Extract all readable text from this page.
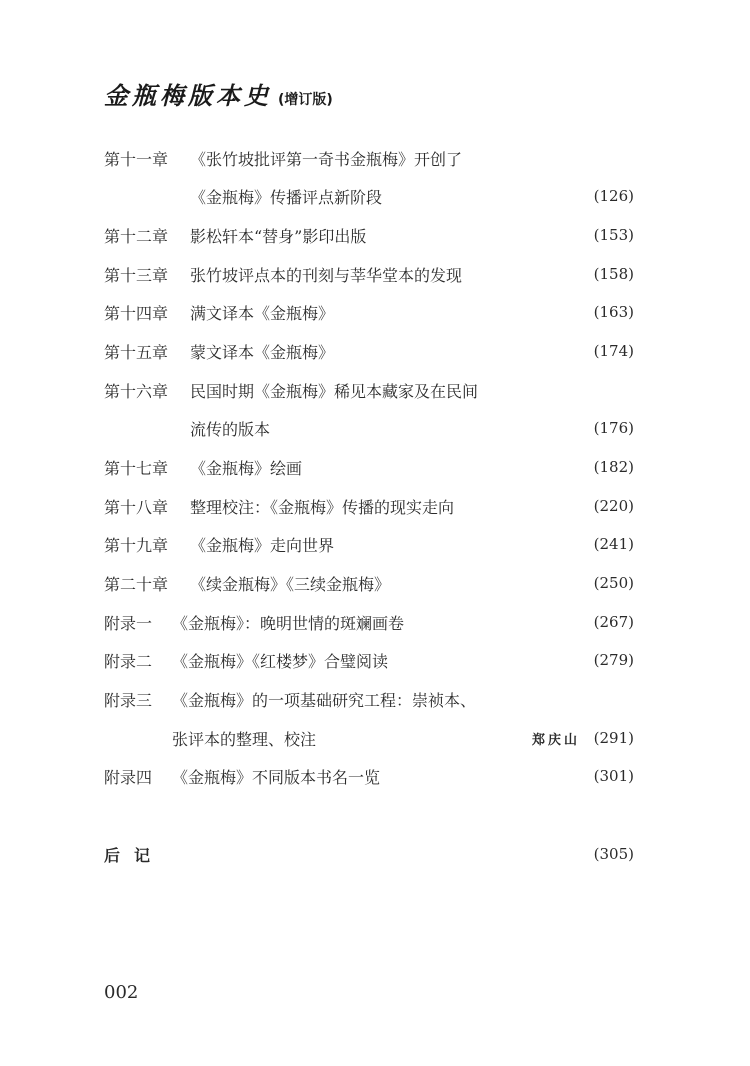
金瓶梅版本史 (增订版)
第十一章	《张竹坡批评第一奇书金瓶梅》开创了
《金瓶梅》传播评点新阶段	(126)
第十二章	影松轩本“替身”影印出版	(153)
第十三章	张竹坡评点本的刊刻与莘华堂本的发现	(158)
第十四章	满文译本《金瓶梅》	(163)
第十五章	蒙文译本《金瓶梅》	(174)
第十六章	民国时期《金瓶梅》稀见本藏家及在民间
流传的版本	(176)
第十七章	《金瓶梅》绘画	(182)
第十八章	整理校注：《金瓶梅》传播的现实走向	(220)
第十九章	《金瓶梅》走向世界	(241)
第二十章	《续金瓶梅》《三续金瓶梅》	(250)
附录一	《金瓶梅》：晚明世情的斑斓画卷	(267)
附录二	《金瓶梅》《红楼梦》合璧阅读	(279)
附录三	《金瓶梅》的一项基础研究工程：崇祯本、
张评本的整理、校注	郑庆山 (291)
附录四	《金瓶梅》不同版本书名一览	(301)
后记	(305)
002
